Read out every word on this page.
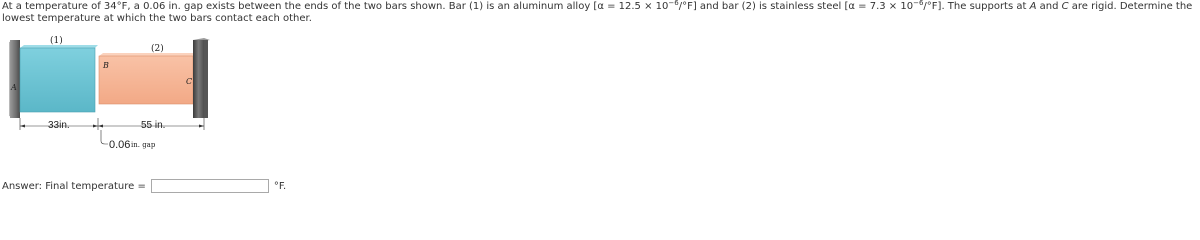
At a temperature of 34°F, a 0.06 in. gap exists between the ends of the two bars shown. Bar (1) is an aluminum alloy $[\alpha = 12.5 \times 10^{-6}/^\circ F]$ and bar (2) is stainless steel $[\alpha = 7.3 \times 10^{-6}/^\circ F]$. The supports at A and C are rigid. Determine the lowest temperature at which the two bars contact each other.
(1)
(2)
A
B
C
33in.	55 in.
0.06 in. gap
Answer: Final temperature =	°F.
